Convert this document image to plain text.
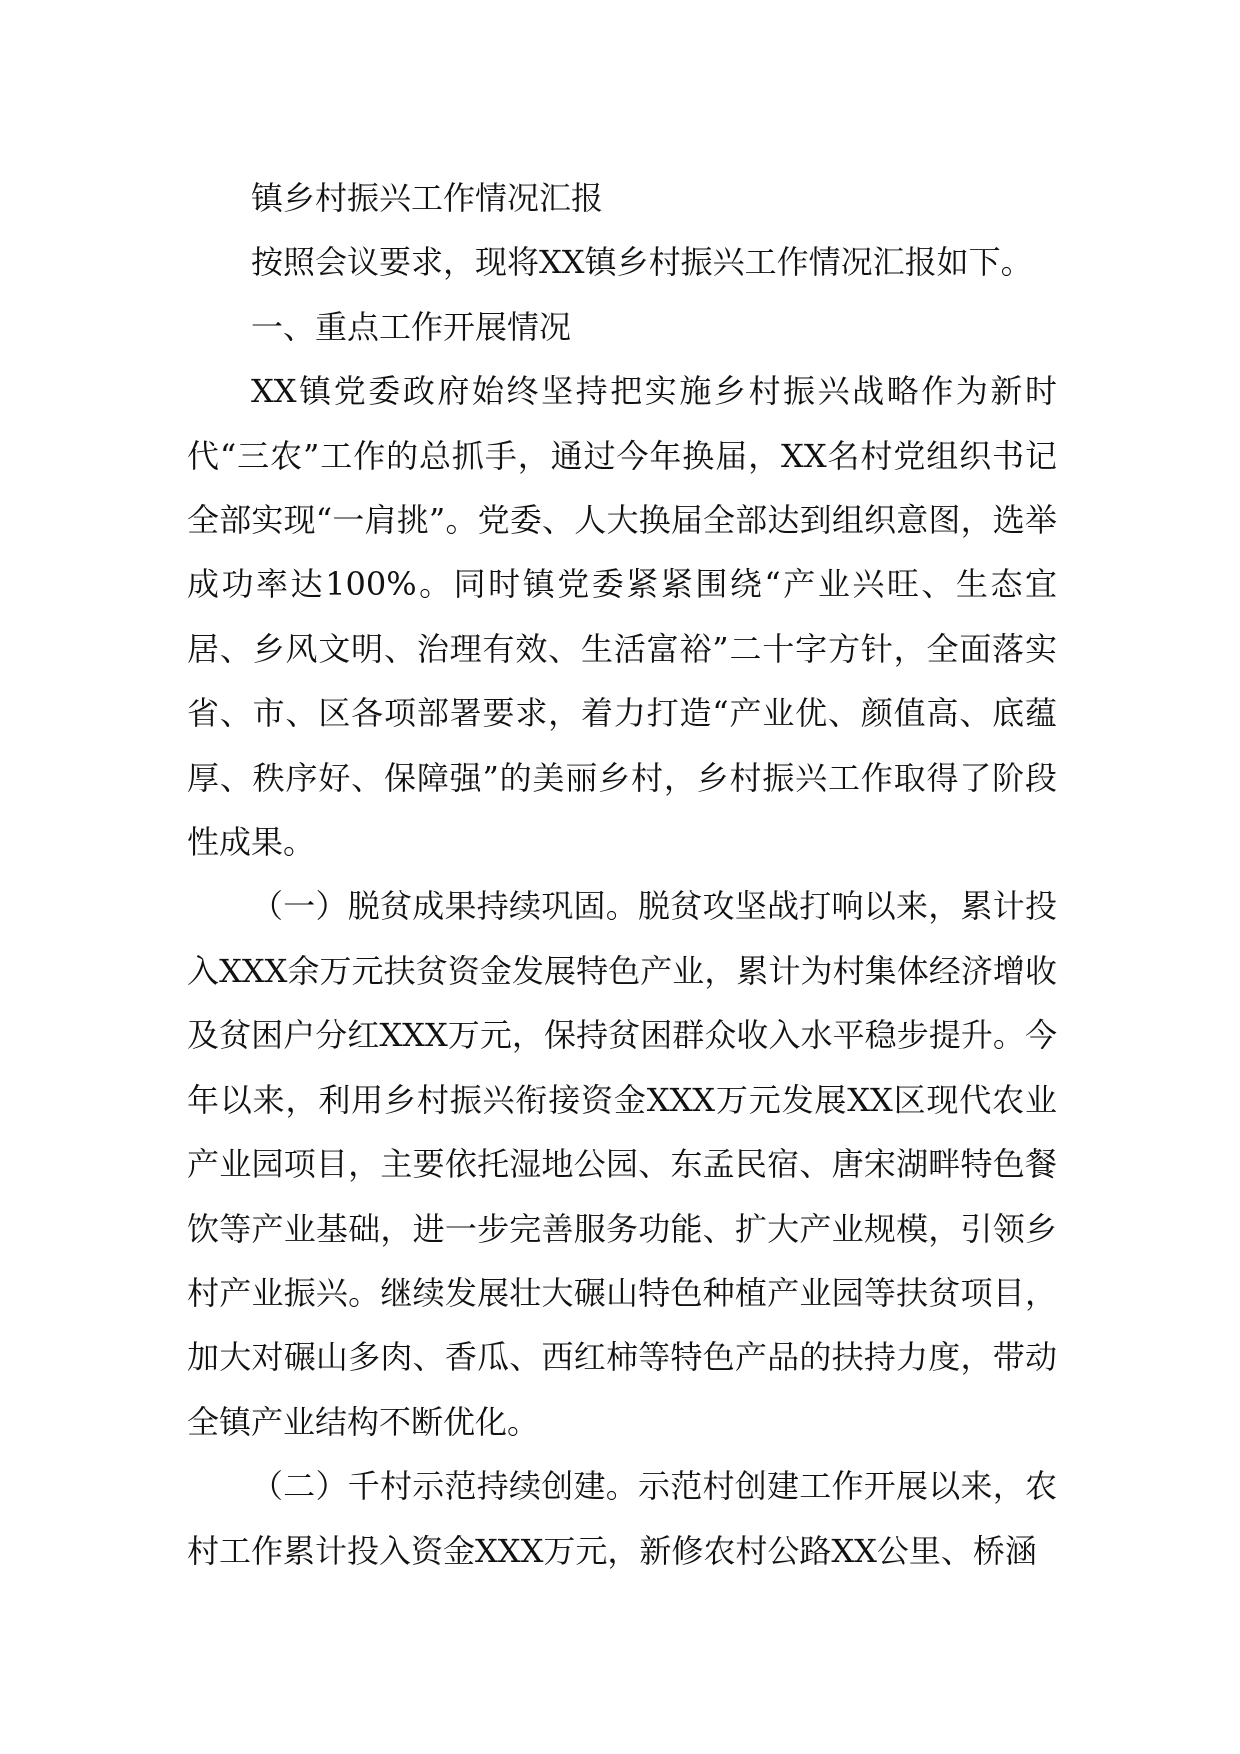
镇乡村振兴工作情况汇报

按照会议要求，现将XX镇乡村振兴工作情况汇报如下。

一、重点工作开展情况

XX镇党委政府始终坚持把实施乡村振兴战略作为新时代“三农”工作的总抓手，通过今年换届，XX名村党组织书记全部实现“一肩挑”。党委、人大换届全部达到组织意图，选举成功率达100%。同时镇党委紧紧围绕“产业兴旺、生态宜居、乡风文明、治理有效、生活富裕”二十字方针，全面落实省、市、区各项部署要求，着力打造“产业优、颜值高、底蕴厚、秩序好、保障强”的美丽乡村，乡村振兴工作取得了阶段性成果。

（一）脱贫成果持续巩固。脱贫攻坚战打响以来，累计投入XXX余万元扶贫资金发展特色产业，累计为村集体经济增收及贫困户分红XXX万元，保持贫困群众收入水平稳步提升。今年以来，利用乡村振兴衔接资金XXX万元发展XX区现代农业产业园项目，主要依托湿地公园、东孟民宿、唐宋湖畔特色餐饮等产业基础，进一步完善服务功能、扩大产业规模，引领乡村产业振兴。继续发展壮大碾山特色种植产业园等扶贫项目，加大对碾山多肉、香瓜、西红柿等特色产品的扶持力度，带动全镇产业结构不断优化。

（二）千村示范持续创建。示范村创建工作开展以来，农村工作累计投入资金XXX万元，新修农村公路XX公里、桥涵
